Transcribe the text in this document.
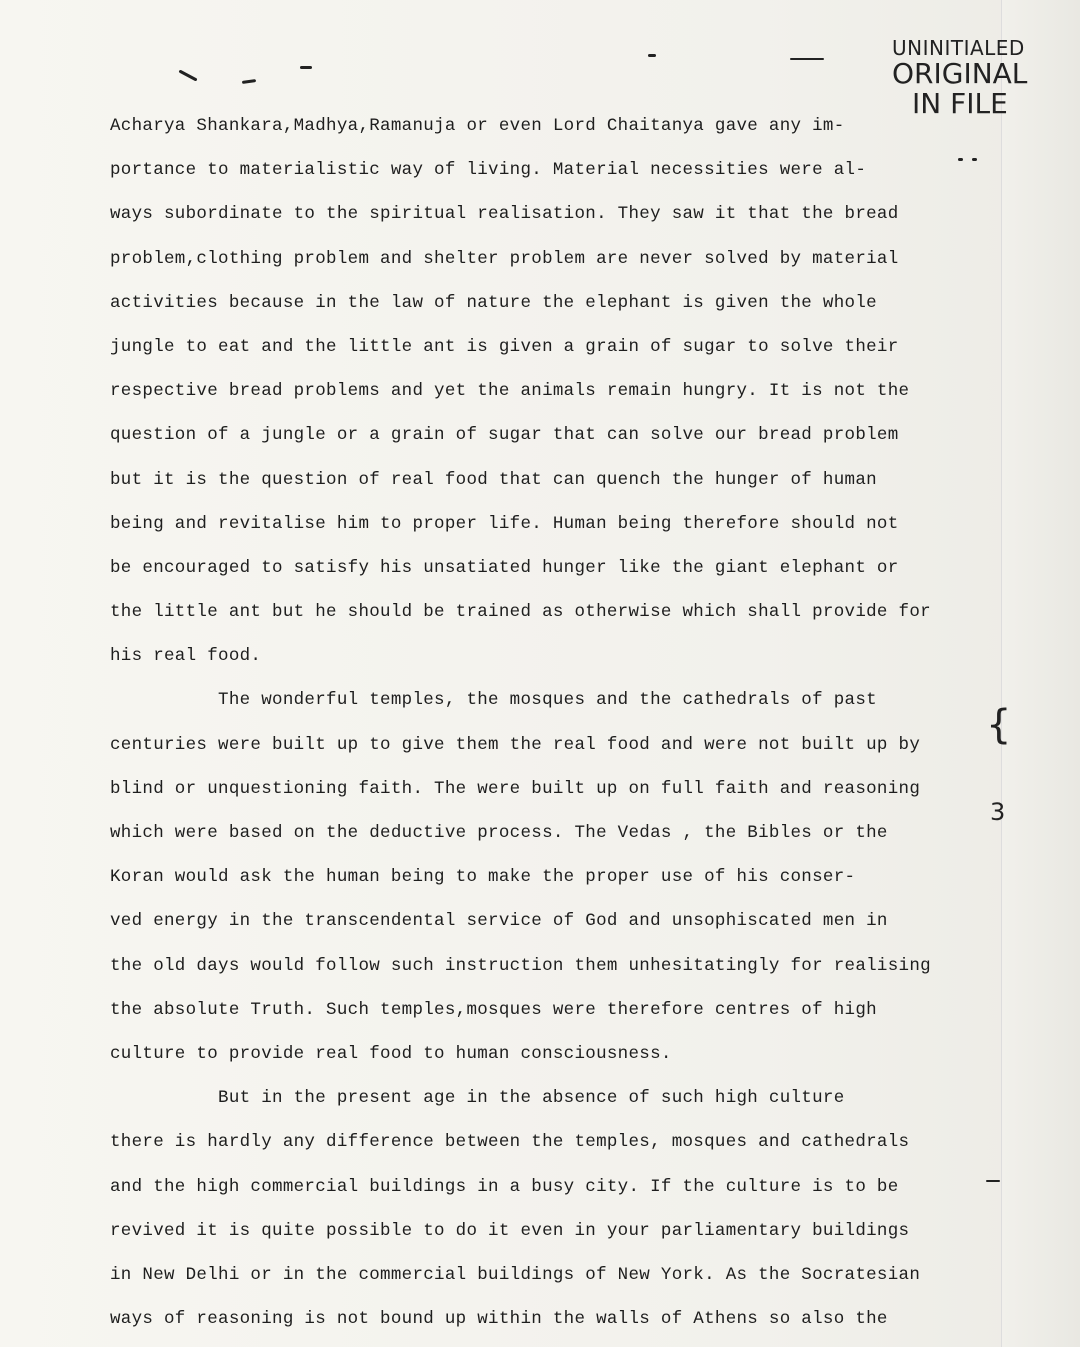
UNINITIALED
ORIGINAL
IN FILE
{
3
Acharya Shankara,Madhya,Ramanuja or even Lord Chaitanya gave any im-
portance to materialistic way of living. Material necessities were al-
ways subordinate to the spiritual realisation. They saw it that the bread
problem,clothing problem and shelter problem are never solved by material
activities because in the law of nature the elephant is given the whole
jungle to eat and the little ant is given a grain of sugar to solve their
respective bread problems and yet the animals remain hungry. It is not the
question of a jungle or a grain of sugar that can solve our bread problem
but it is the question of real food that can quench the hunger of human
being and revitalise him to proper life. Human being therefore should not
be encouraged to satisfy his unsatiated hunger like the giant elephant or
the little ant but he should be trained as otherwise which shall provide for
his real food.
The wonderful temples, the mosques and the cathedrals of past
centuries were built up to give them the real food and were not built up by
blind or unquestioning faith. The were built up on full faith and reasoning
which were based on the deductive process. The Vedas , the Bibles or the
Koran would ask the human being to make the proper use of his conser-
ved energy in the transcendental service of God and unsophiscated men in
the old days would follow such instruction them unhesitatingly for realising
the absolute Truth. Such temples,mosques were therefore centres of high
culture to provide real food to human consciousness.
But in the present age in the absence of such high culture
there is hardly any difference between the temples, mosques and cathedrals
and the high commercial buildings in a busy city. If the culture is to be
revived it is quite possible to do it even in your parliamentary buildings
in New Delhi or in the commercial buildings of New York. As the Socratesian
ways of reasoning is not bound up within the walls of Athens so also the
